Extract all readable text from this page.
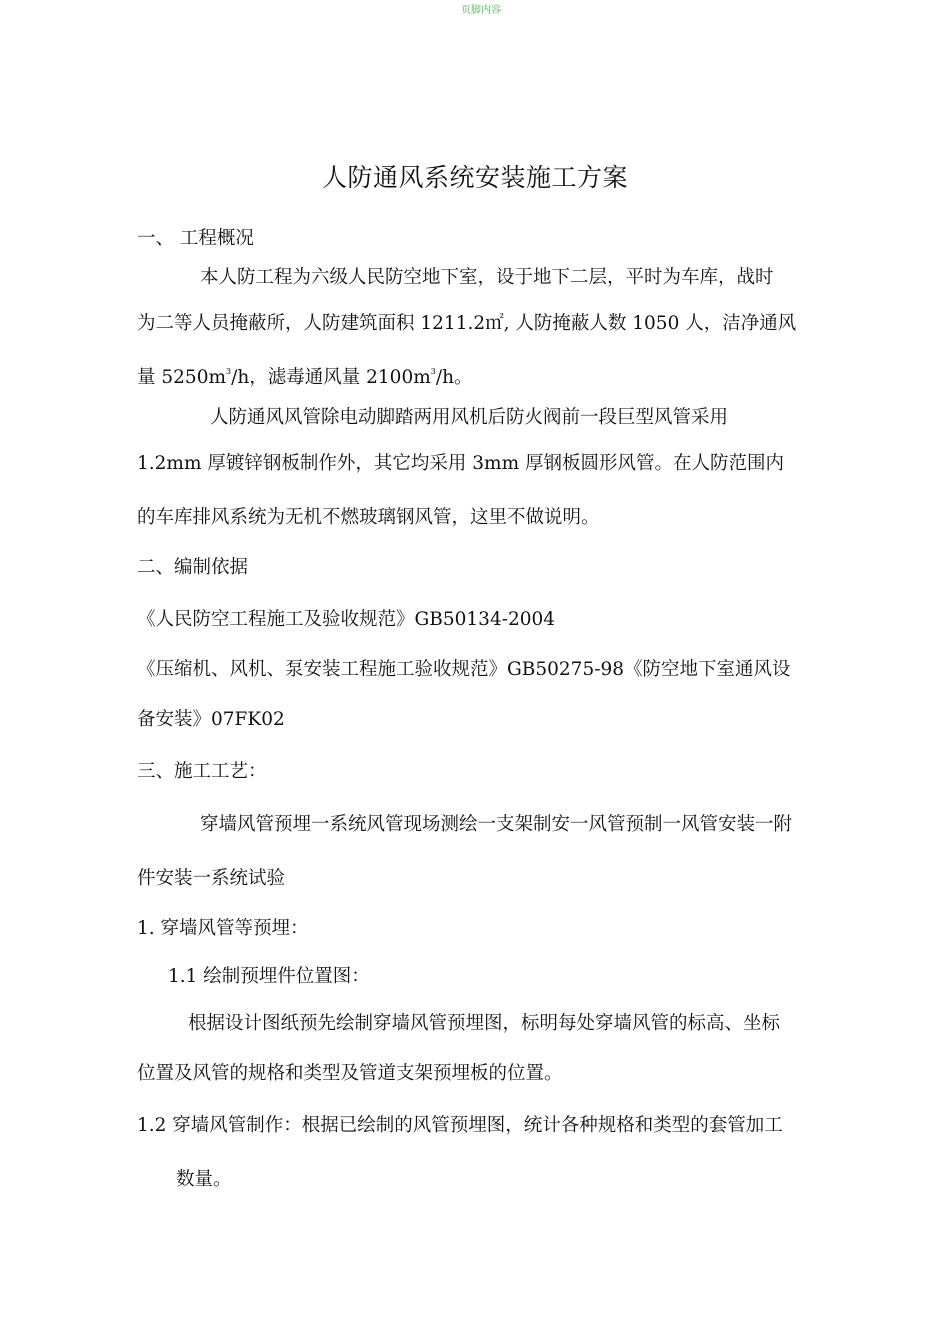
页脚内容
人防通风系统安装施工方案
一、 工程概况
本人防工程为六级人民防空地下室，设于地下二层，平时为车库，战时
为二等人员掩蔽所，人防建筑面积 1211.2㎡, 人防掩蔽人数 1050 人，洁净通风
量 $5250m^3/h$，滤毒通风量 $2100m^3/h$。
人防通风风管除电动脚踏两用风机后防火阀前一段巨型风管采用
1.2mm 厚镀锌钢板制作外，其它均采用 3mm 厚钢板圆形风管。在人防范围内
的车库排风系统为无机不燃玻璃钢风管，这里不做说明。
二、编制依据
《人民防空工程施工及验收规范》GB50134-2004
《压缩机、风机、泵安装工程施工验收规范》GB50275-98《防空地下室通风设
备安装》07FK02
三、施工工艺：
穿墙风管预埋一系统风管现场测绘一支架制安一风管预制一风管安装一附
件安装一系统试验
1. 穿墙风管等预埋：
1.1 绘制预埋件位置图：
根据设计图纸预先绘制穿墙风管预埋图，标明每处穿墙风管的标高、坐标
位置及风管的规格和类型及管道支架预埋板的位置。
1.2 穿墙风管制作：根据已绘制的风管预埋图，统计各种规格和类型的套管加工
数量。
